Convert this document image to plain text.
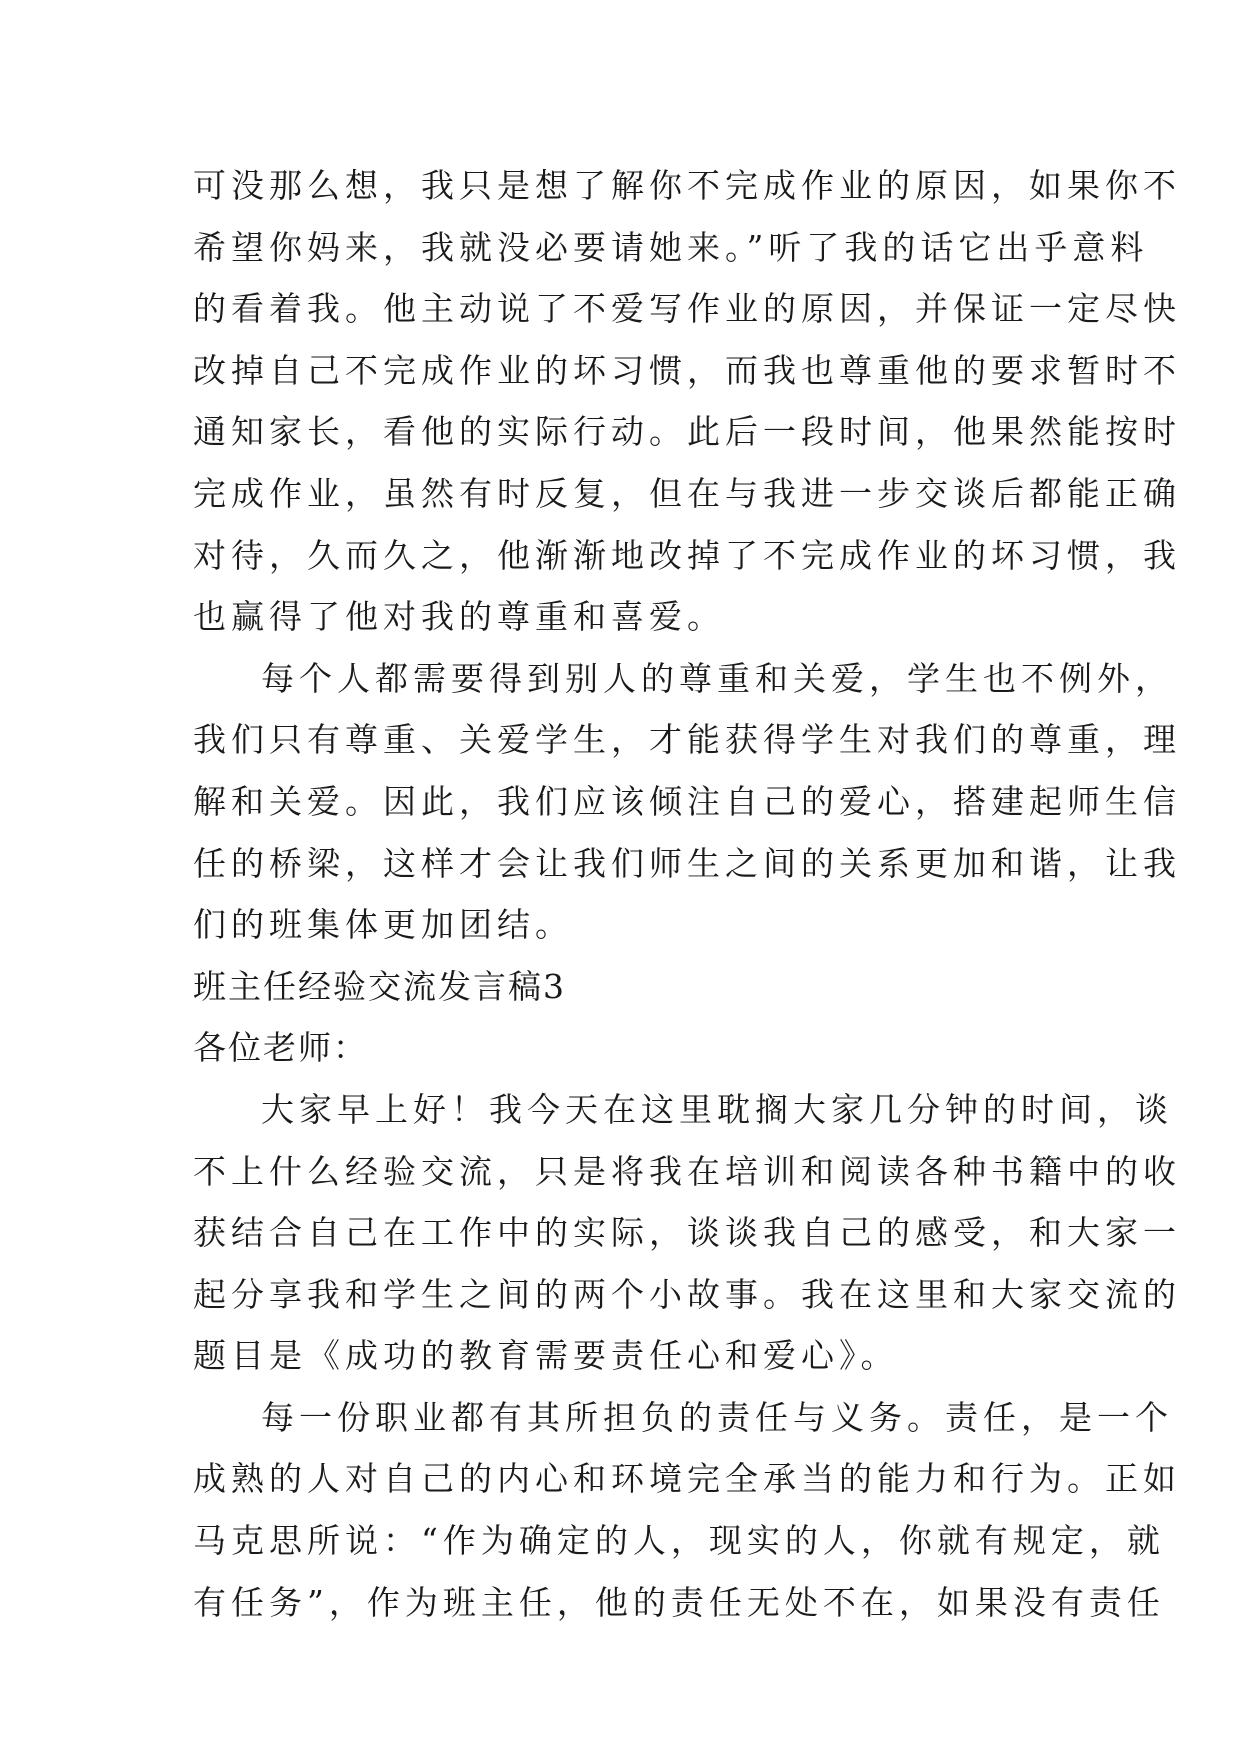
可没那么想，我只是想了解你不完成作业的原因，如果你不
希望你妈来，我就没必要请她来。”听了我的话它出乎意料
的看着我。他主动说了不爱写作业的原因，并保证一定尽快
改掉自己不完成作业的坏习惯，而我也尊重他的要求暂时不
通知家长，看他的实际行动。此后一段时间，他果然能按时
完成作业，虽然有时反复，但在与我进一步交谈后都能正确
对待，久而久之，他渐渐地改掉了不完成作业的坏习惯，我
也赢得了他对我的尊重和喜爱。
每个人都需要得到别人的尊重和关爱，学生也不例外，
我们只有尊重、关爱学生，才能获得学生对我们的尊重，理
解和关爱。因此，我们应该倾注自己的爱心，搭建起师生信
任的桥梁，这样才会让我们师生之间的关系更加和谐，让我
们的班集体更加团结。
班主任经验交流发言稿3
各位老师：
大家早上好！我今天在这里耽搁大家几分钟的时间，谈
不上什么经验交流，只是将我在培训和阅读各种书籍中的收
获结合自己在工作中的实际，谈谈我自己的感受，和大家一
起分享我和学生之间的两个小故事。我在这里和大家交流的
题目是《成功的教育需要责任心和爱心》。
每一份职业都有其所担负的责任与义务。责任，是一个
成熟的人对自己的内心和环境完全承当的能力和行为。正如
马克思所说：“作为确定的人，现实的人，你就有规定，就
有任务”，作为班主任，他的责任无处不在，如果没有责任
